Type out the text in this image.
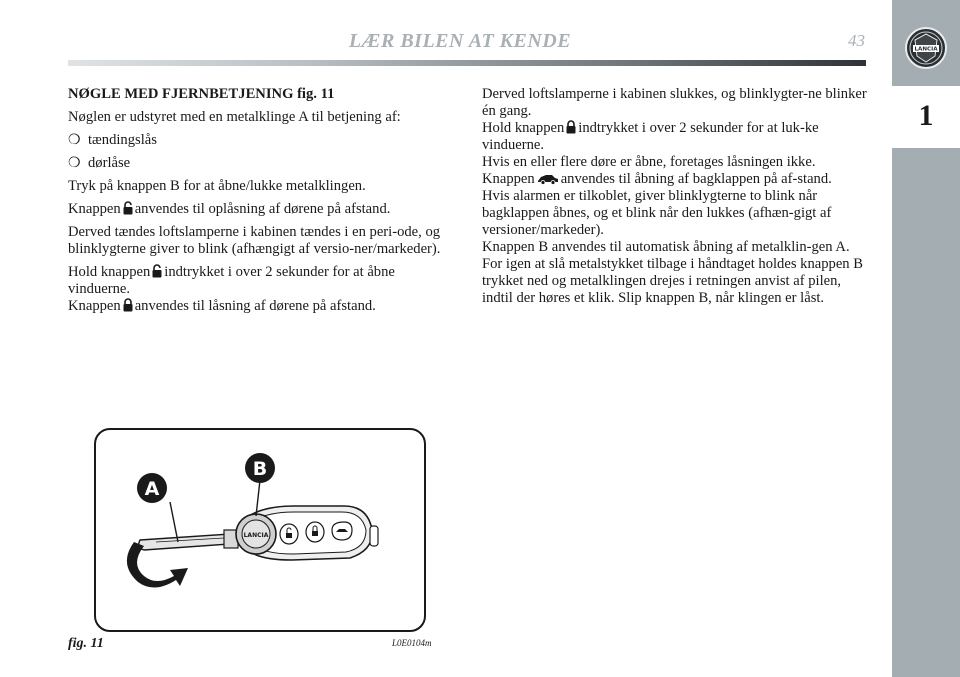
LÆR BILEN AT KENDE	43
1
LANCIA

NØGLE MED FJERNBETJENING fig. 11

Nøglen er udstyret med en metalklinge A til betjening af:

❍ tændingslås
❍ dørlåse

Tryk på knappen B for at åbne/lukke metalklingen.

Knappen anvendes til oplåsning af dørene på afstand.

Derved tændes loftslamperne i kabinen tændes i en peri-ode, og blinklygterne giver to blink (afhængigt af versio-ner/markeder).

Hold knappen indtrykket i over 2 sekunder for at åbne vinduerne.

Knappen anvendes til låsning af dørene på afstand.

Derved loftslamperne i kabinen slukkes, og blinklygter-ne blinker én gang.

Hold knappen indtrykket i over 2 sekunder for at luk-ke vinduerne.

Hvis en eller flere døre er åbne, foretages låsningen ikke.

Knappen anvendes til åbning af bagklappen på af-stand.

Hvis alarmen er tilkoblet, giver blinklygterne to blink når bagklappen åbnes, og et blink når den lukkes (afhæn-gigt af versioner/markeder).

Knappen B anvendes til automatisk åbning af metalklin-gen A.

For igen at slå metalstykket tilbage i håndtaget holdes knappen B trykket ned og metalklingen drejes i retningen anvist af pilen, indtil der høres et klik. Slip knappen B, når klingen er låst.

LANCIA
A
B
fig. 11	L0E0104m
